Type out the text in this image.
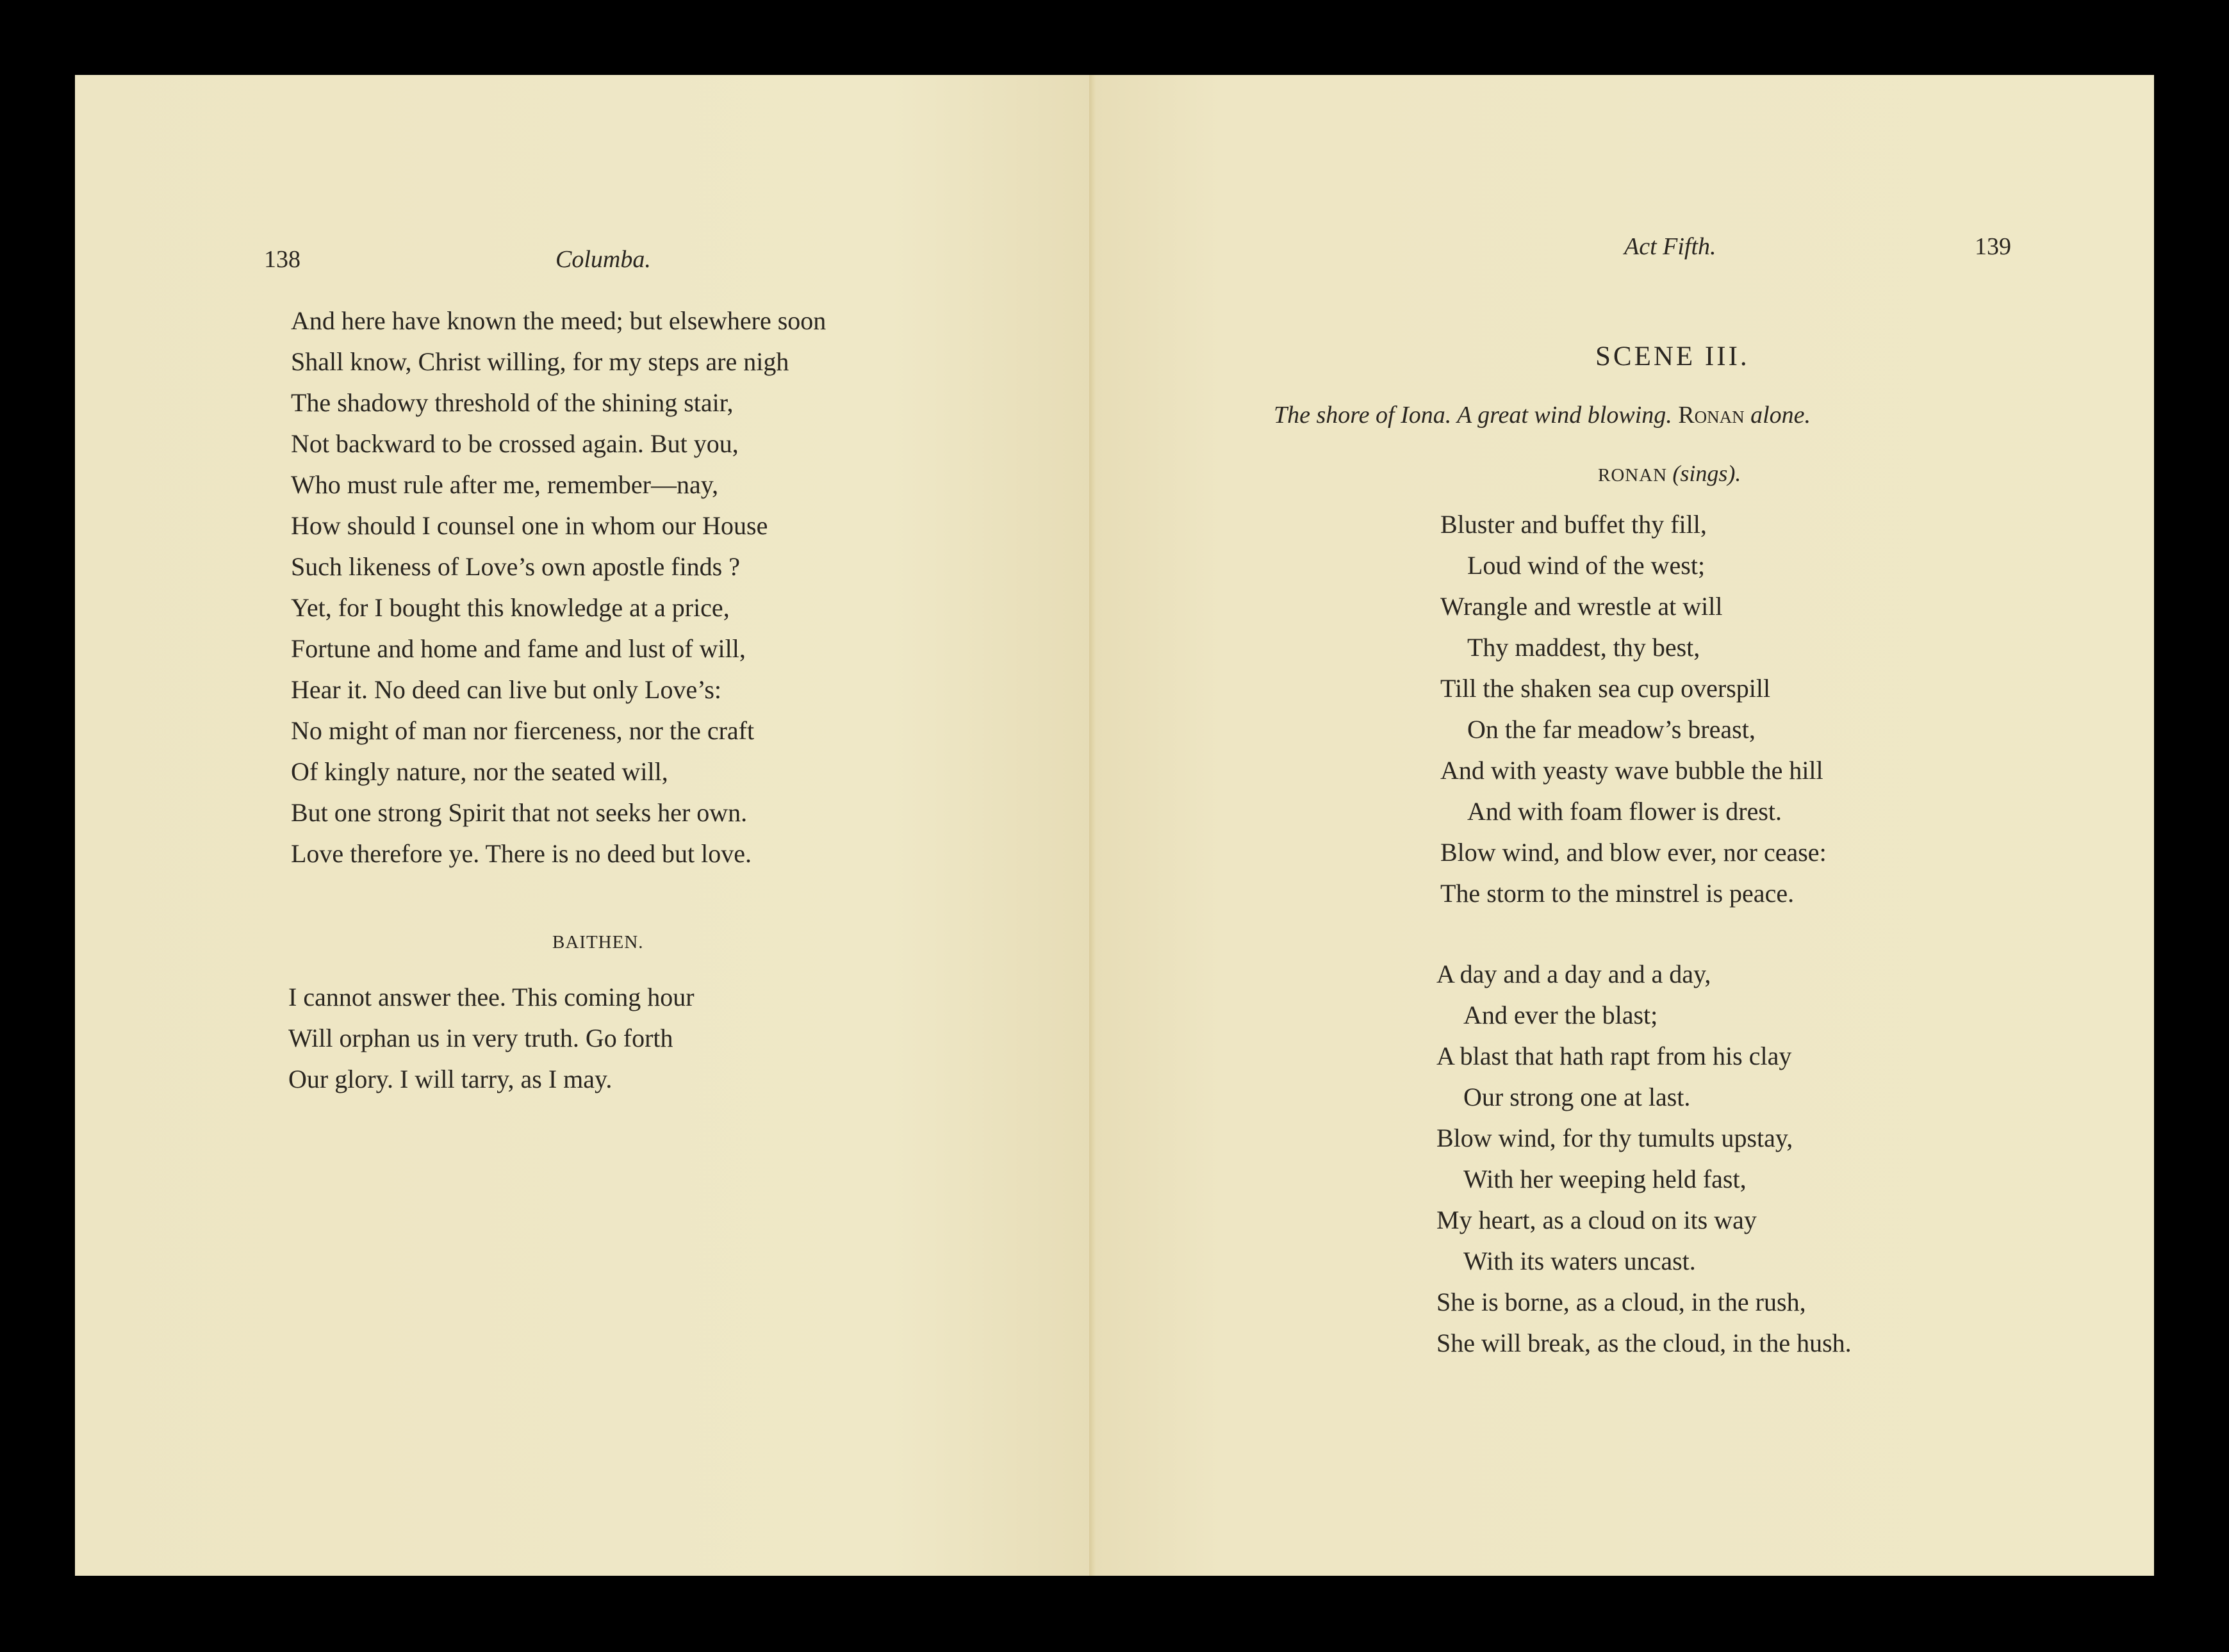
138	Columba.
And here have known the meed; but elsewhere soon
Shall know, Christ willing, for my steps are nigh
The shadowy threshold of the shining stair,
Not backward to be crossed again. But you,
Who must rule after me, remember—nay,
How should I counsel one in whom our House
Such likeness of Love’s own apostle finds ?
Yet, for I bought this knowledge at a price,
Fortune and home and fame and lust of will,
Hear it. No deed can live but only Love’s:
No might of man nor fierceness, nor the craft
Of kingly nature, nor the seated will,
But one strong Spirit that not seeks her own.
Love therefore ye. There is no deed but love.
BAITHEN.
I cannot answer thee. This coming hour
Will orphan us in very truth. Go forth
Our glory. I will tarry, as I may.
Act Fifth.	139
SCENE III.
The shore of Iona. A great wind blowing. Ronan alone.
RONAN (sings).
Bluster and buffet thy fill,
Loud wind of the west;
Wrangle and wrestle at will
Thy maddest, thy best,
Till the shaken sea cup overspill
On the far meadow’s breast,
And with yeasty wave bubble the hill
And with foam flower is drest.
Blow wind, and blow ever, nor cease:
The storm to the minstrel is peace.
A day and a day and a day,
And ever the blast;
A blast that hath rapt from his clay
Our strong one at last.
Blow wind, for thy tumults upstay,
With her weeping held fast,
My heart, as a cloud on its way
With its waters uncast.
She is borne, as a cloud, in the rush,
She will break, as the cloud, in the hush.
